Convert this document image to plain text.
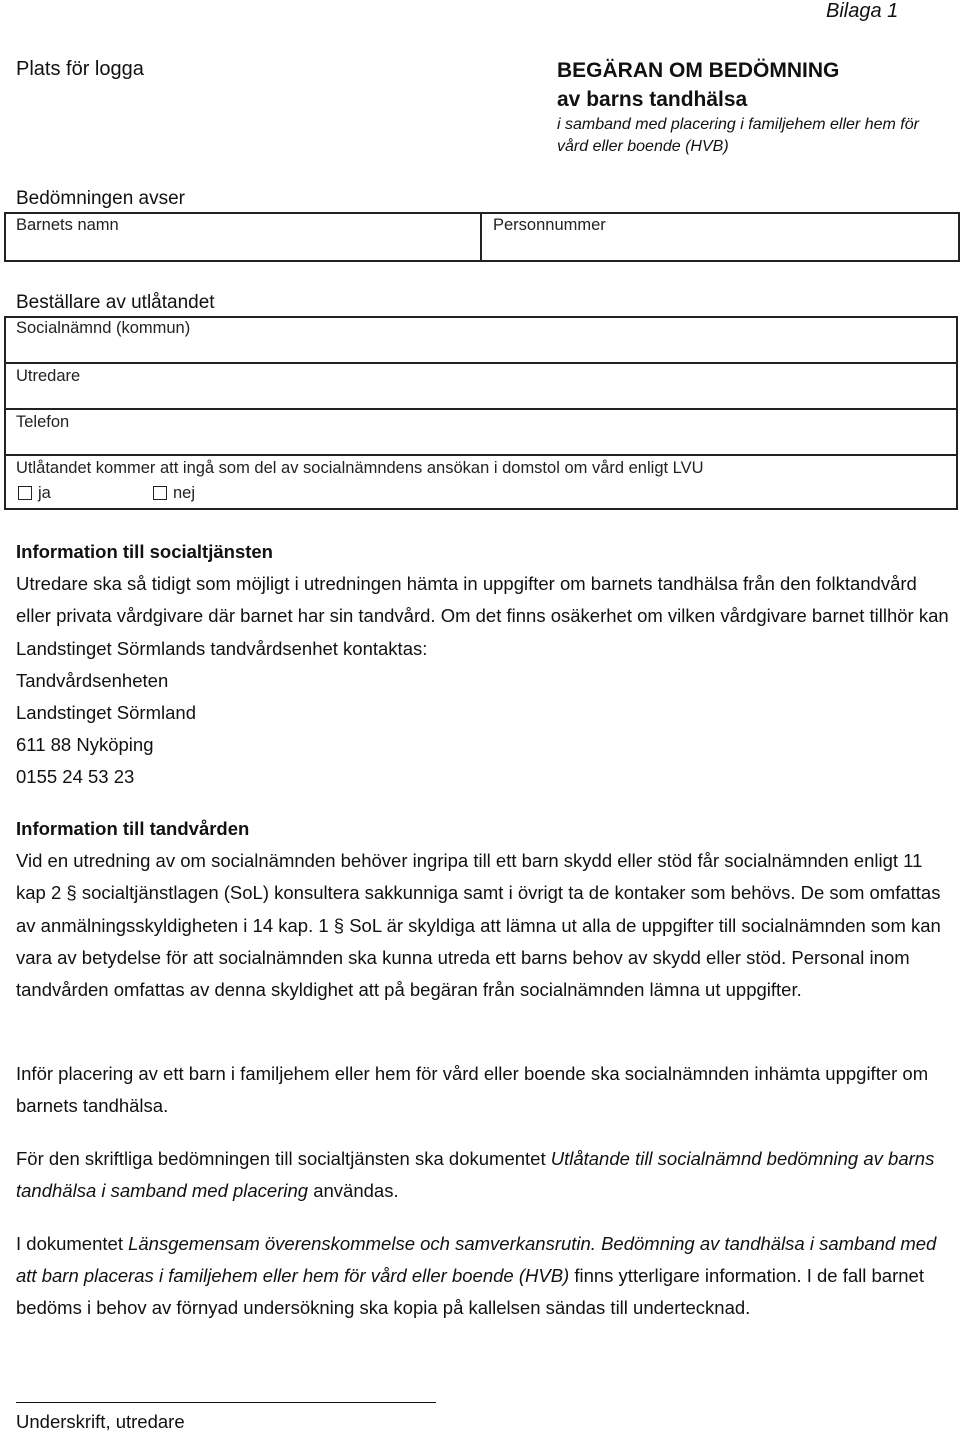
Bilaga 1
Plats för logga	BEGÄRAN OM BEDÖMNING
av barns tandhälsa
i samband med placering i familjehem eller hem för vård eller boende (HVB)
Bedömningen avser
Barnets namn	Personnummer
Beställare av utlåtandet
Socialnämnd (kommun)
Utredare
Telefon
Utlåtandet kommer att ingå som del av socialnämndens ansökan i domstol om vård enligt LVU
ja	nej

Information till socialtjänsten

Utredare ska så tidigt som möjligt i utredningen hämta in uppgifter om barnets tandhälsa från den folktandvård eller privata vårdgivare där barnet har sin tandvård. Om det finns osäkerhet om vilken vårdgivare barnet tillhör kan Landstinget Sörmlands tandvårdsenhet kontaktas:

Tandvårdsenheten

Landstinget Sörmland

611 88 Nyköping

0155 24 53 23

Information till tandvården

Vid en utredning av om socialnämnden behöver ingripa till ett barn skydd eller stöd får socialnämnden enligt 11 kap 2 § socialtjänstlagen (SoL) konsultera sakkunniga samt i övrigt ta de kontaker som behövs. De som omfattas av anmälningsskyldigheten i 14 kap. 1 § SoL är skyldiga att lämna ut alla de uppgifter till socialnämnden som kan vara av betydelse för att socialnämnden ska kunna utreda ett barns behov av skydd eller stöd. Personal inom tandvården omfattas av denna skyldighet att på begäran från socialnämnden lämna ut uppgifter.

Inför placering av ett barn i familjehem eller hem för vård eller boende ska socialnämnden inhämta uppgifter om barnets tandhälsa.

För den skriftliga bedömningen till socialtjänsten ska dokumentet Utlåtande till socialnämnd bedömning av barns tandhälsa i samband med placering användas.

I dokumentet Länsgemensam överenskommelse och samverkansrutin. Bedömning av tandhälsa i samband med att barn placeras i familjehem eller hem för vård eller boende (HVB) finns ytterligare information. I de fall barnet bedöms i behov av förnyad undersökning ska kopia på kallelsen sändas till undertecknad.

Underskrift, utredare
